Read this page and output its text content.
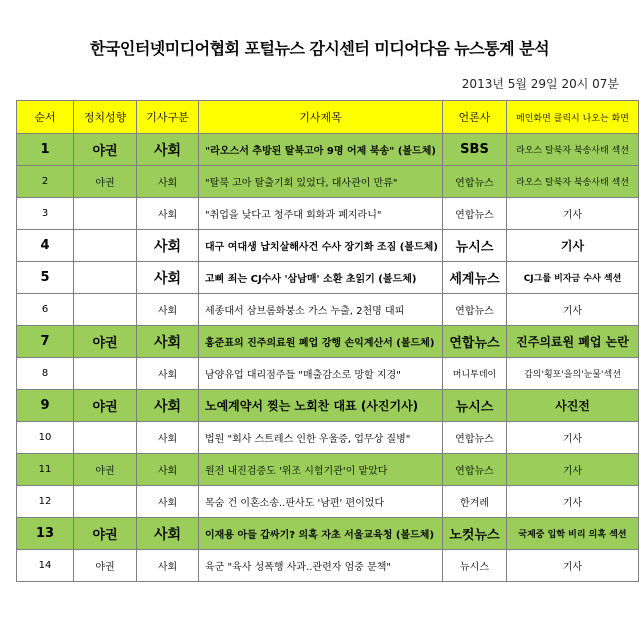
한국인터넷미디어협회 포털뉴스 감시센터 미디어다음 뉴스통계 분석
2013년 5월 29일 20시 07분
순서	정치성향	기사구분	기사제목	언론사	메인화면 클릭시 나오는 화면
1	야권	사회	"라오스서 추방된 탈북고아 9명 어제 북송" (볼드체)	SBS	라오스 탈북자 북송사태 섹션
2	야권	사회	"탈북 고아 탈출기회 있었다, 대사관이 만류"	연합뉴스	라오스 탈북자 북송사태 섹션
3		사회	"취업을 낮다고 청주대 회화과 폐지라니"	연합뉴스	기사
4		사회	대구 여대생 납치살해사건 수사 장기화 조짐 (볼드체)	뉴시스	기사
5		사회	고삐 죄는 CJ수사 '삼남매' 소환 초읽기 (볼드체)	세계뉴스	CJ그룹 비자금 수사 섹션
6		사회	세종대서 삼브롬화붕소 가스 누출, 2천명 대피	연합뉴스	기사
7	야권	사회	홍준표의 진주의료원 폐업 강행 손익계산서 (볼드체)	연합뉴스	진주의료원 폐업 논란
8		사회	남양유업 대리점주들 "매출감소로 망할 지경"	머니투데이	갑의'횡포'을의'눈물'섹션
9	야권	사회	노예계약서 찢는 노회찬 대표 (사진기사)	뉴시스	사진전
10		사회	법원 "회사 스트레스 인한 우울증, 업무상 질병"	연합뉴스	기사
11	야권	사회	원전 내진검증도 '위조 시험기관'이 맡았다	연합뉴스	기사
12		사회	목숨 건 이혼소송..판사도 '남편' 편이었다	한겨레	기사
13	야권	사회	이재용 아들 갑싸기? 의혹 자초 서울교육청 (볼드체)	노컷뉴스	국제중 입학 비리 의혹 섹션
14	야권	사회	육군 "육사 성폭행 사과..관련자 엄중 문책"	뉴시스	기사
